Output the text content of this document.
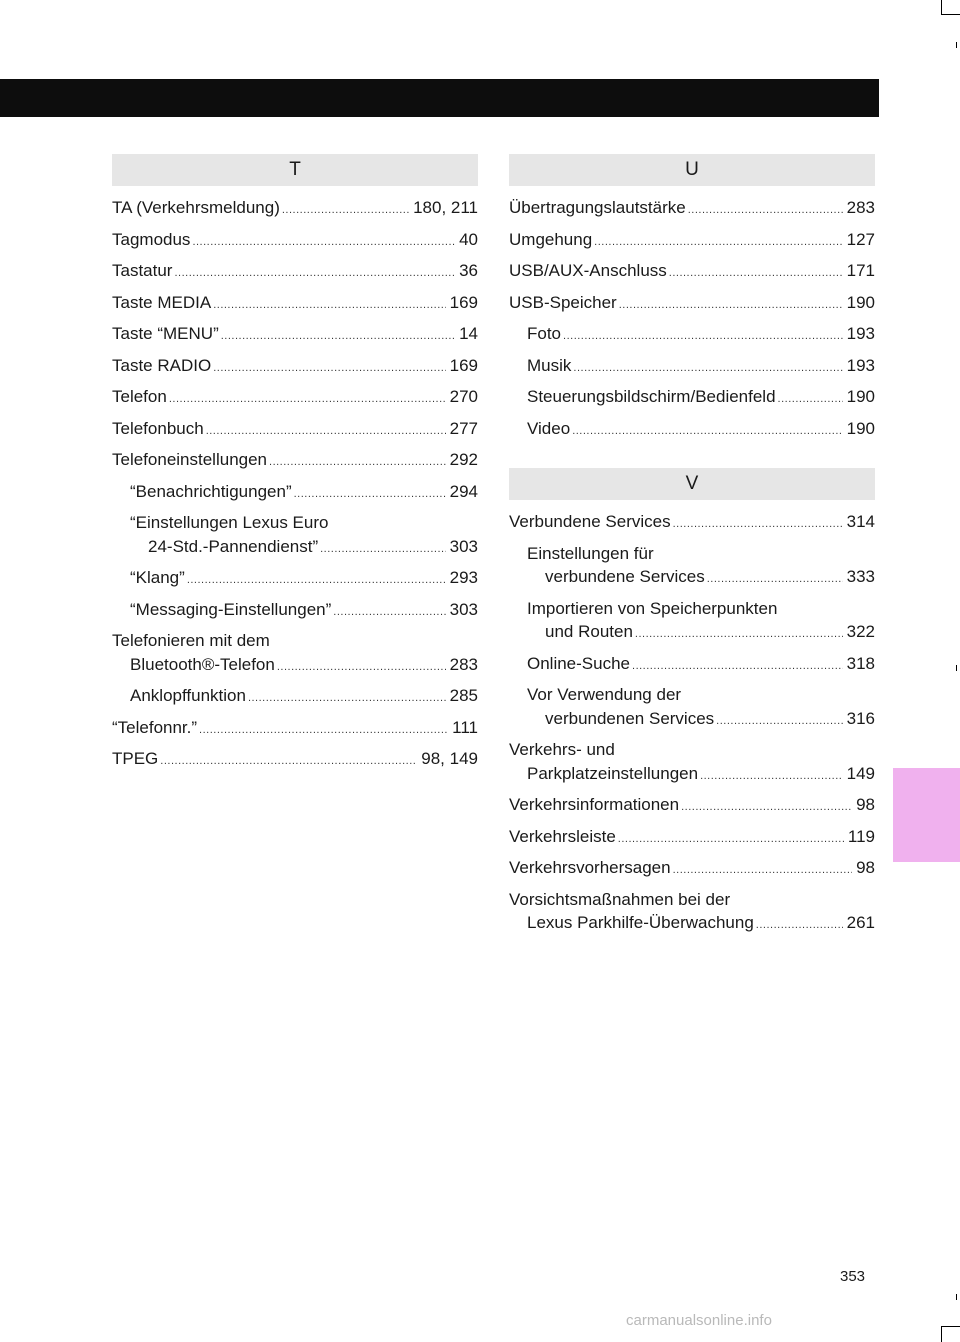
T
TA (Verkehrsmeldung) .....	180, 211
Tagmodus .....	40
Tastatur .....	36
Taste MEDIA .....	169
Taste “MENU” .....	14
Taste RADIO .....	169
Telefon .....	270
Telefonbuch .....	277
Telefoneinstellungen .....	292
“Benachrichtigungen” .....	294
“Einstellungen Lexus Euro
24-Std.-Pannendienst” .....	303
“Klang” .....	293
“Messaging-Einstellungen” .....	303
Telefonieren mit dem
Bluetooth®-Telefon .....	283
Anklopffunktion .....	285
“Telefonnr.” .....	111
TPEG .....	98, 149
U
Übertragungslautstärke .....	283
Umgehung .....	127
USB/AUX-Anschluss .....	171
USB-Speicher .....	190
Foto .....	193
Musik .....	193
Steuerungsbildschirm/Bedienfeld .....	190
Video .....	190
V
Verbundene Services .....	314
Einstellungen für
verbundene Services .....	333
Importieren von Speicherpunkten
und Routen .....	322
Online-Suche .....	318
Vor Verwendung der
verbundenen Services .....	316
Verkehrs- und
Parkplatzeinstellungen .....	149
Verkehrsinformationen .....	98
Verkehrsleiste .....	119
Verkehrsvorhersagen .....	98
Vorsichtsmaßnahmen bei der
Lexus Parkhilfe-Überwachung .....	261
353
carmanualsonline.info
